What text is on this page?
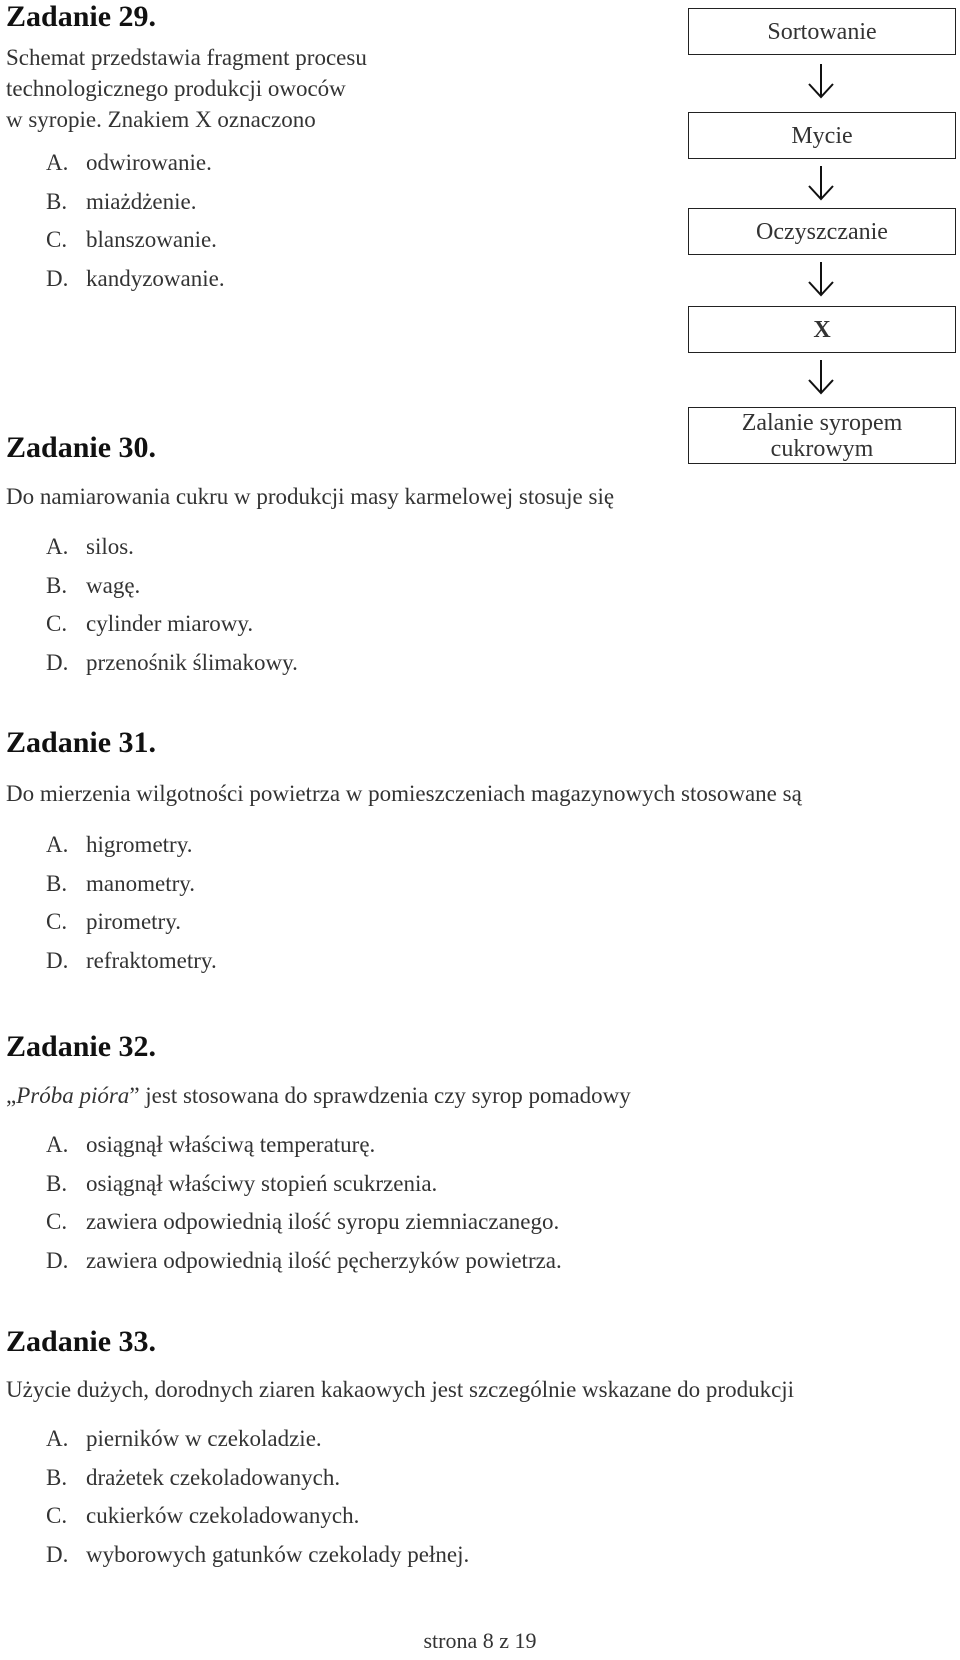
Zadanie 29.
Schemat przedstawia fragment procesu
technologicznego produkcji owoców
w syropie. Znakiem X oznaczono
A. odwirowanie.
B. miażdżenie.
C. blanszowanie.
D. kandyzowanie.
Sortowanie
Mycie
Oczyszczanie
X
Zalanie syropem
cukrowym
Zadanie 30.
Do namiarowania cukru w produkcji masy karmelowej stosuje się
A. silos.
B. wagę.
C. cylinder miarowy.
D. przenośnik ślimakowy.
Zadanie 31.
Do mierzenia wilgotności powietrza w pomieszczeniach magazynowych stosowane są
A. higrometry.
B. manometry.
C. pirometry.
D. refraktometry.
Zadanie 32.
„Próba pióra” jest stosowana do sprawdzenia czy syrop pomadowy
A. osiągnął właściwą temperaturę.
B. osiągnął właściwy stopień scukrzenia.
C. zawiera odpowiednią ilość syropu ziemniaczanego.
D. zawiera odpowiednią ilość pęcherzyków powietrza.
Zadanie 33.
Użycie dużych, dorodnych ziaren kakaowych jest szczególnie wskazane do produkcji
A. pierników w czekoladzie.
B. drażetek czekoladowanych.
C. cukierków czekoladowanych.
D. wyborowych gatunków czekolady pełnej.
strona 8 z 19
